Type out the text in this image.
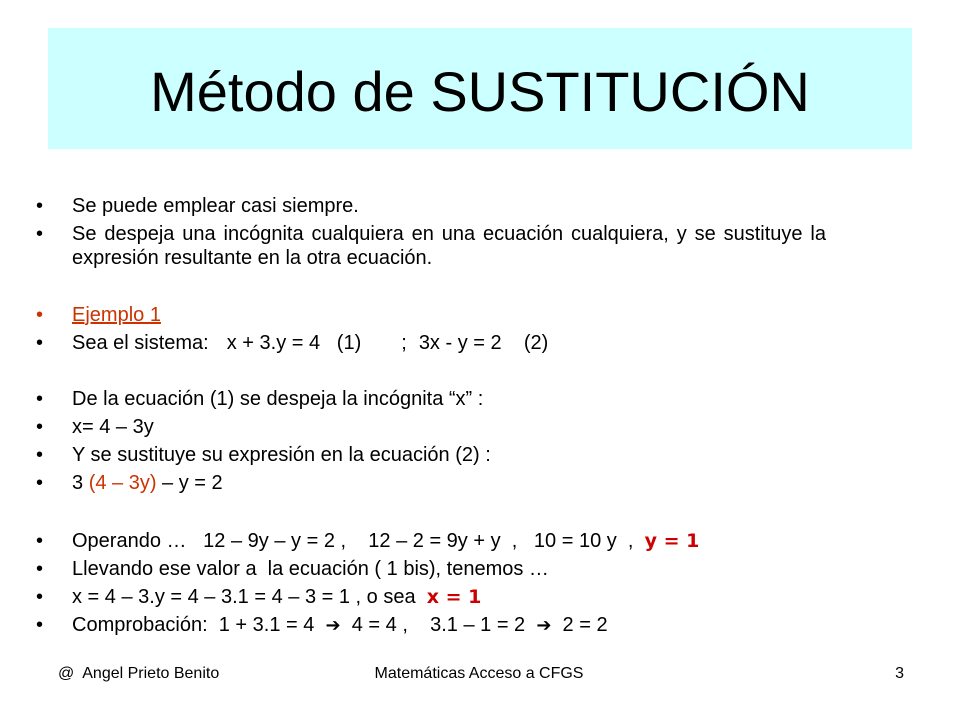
Método de SUSTITUCIÓN
•	Se puede emplear casi siempre.
•	Se despeja una incógnita cualquiera en una ecuación cualquiera, y se sustituye la expresión resultante en la otra ecuación.
•	Ejemplo 1
•	Sea el sistema: x + 3.y = 4   (1) ; 3x - y = 2    (2)
•	De la ecuación (1) se despeja la incógnita “x” :
•	x= 4 – 3y
•	Y se sustituye su expresión en la ecuación (2) :
•	3 (4 – 3y) – y = 2
•	Operando …   12 – 9y – y = 2 ,    12 – 2 = 9y + y  ,   10 = 10 y  , y = 1
•	Llevando ese valor a  la ecuación ( 1 bis), tenemos …
•	x = 4 – 3.y = 4 – 3.1 = 4 – 3 = 1 , o sea x = 1
•	Comprobación:  1 + 3.1 = 4 ➔ 4 = 4 ,    3.1 – 1 = 2 ➔ 2 = 2
@  Angel Prieto Benito	Matemáticas Acceso a CFGS	3
